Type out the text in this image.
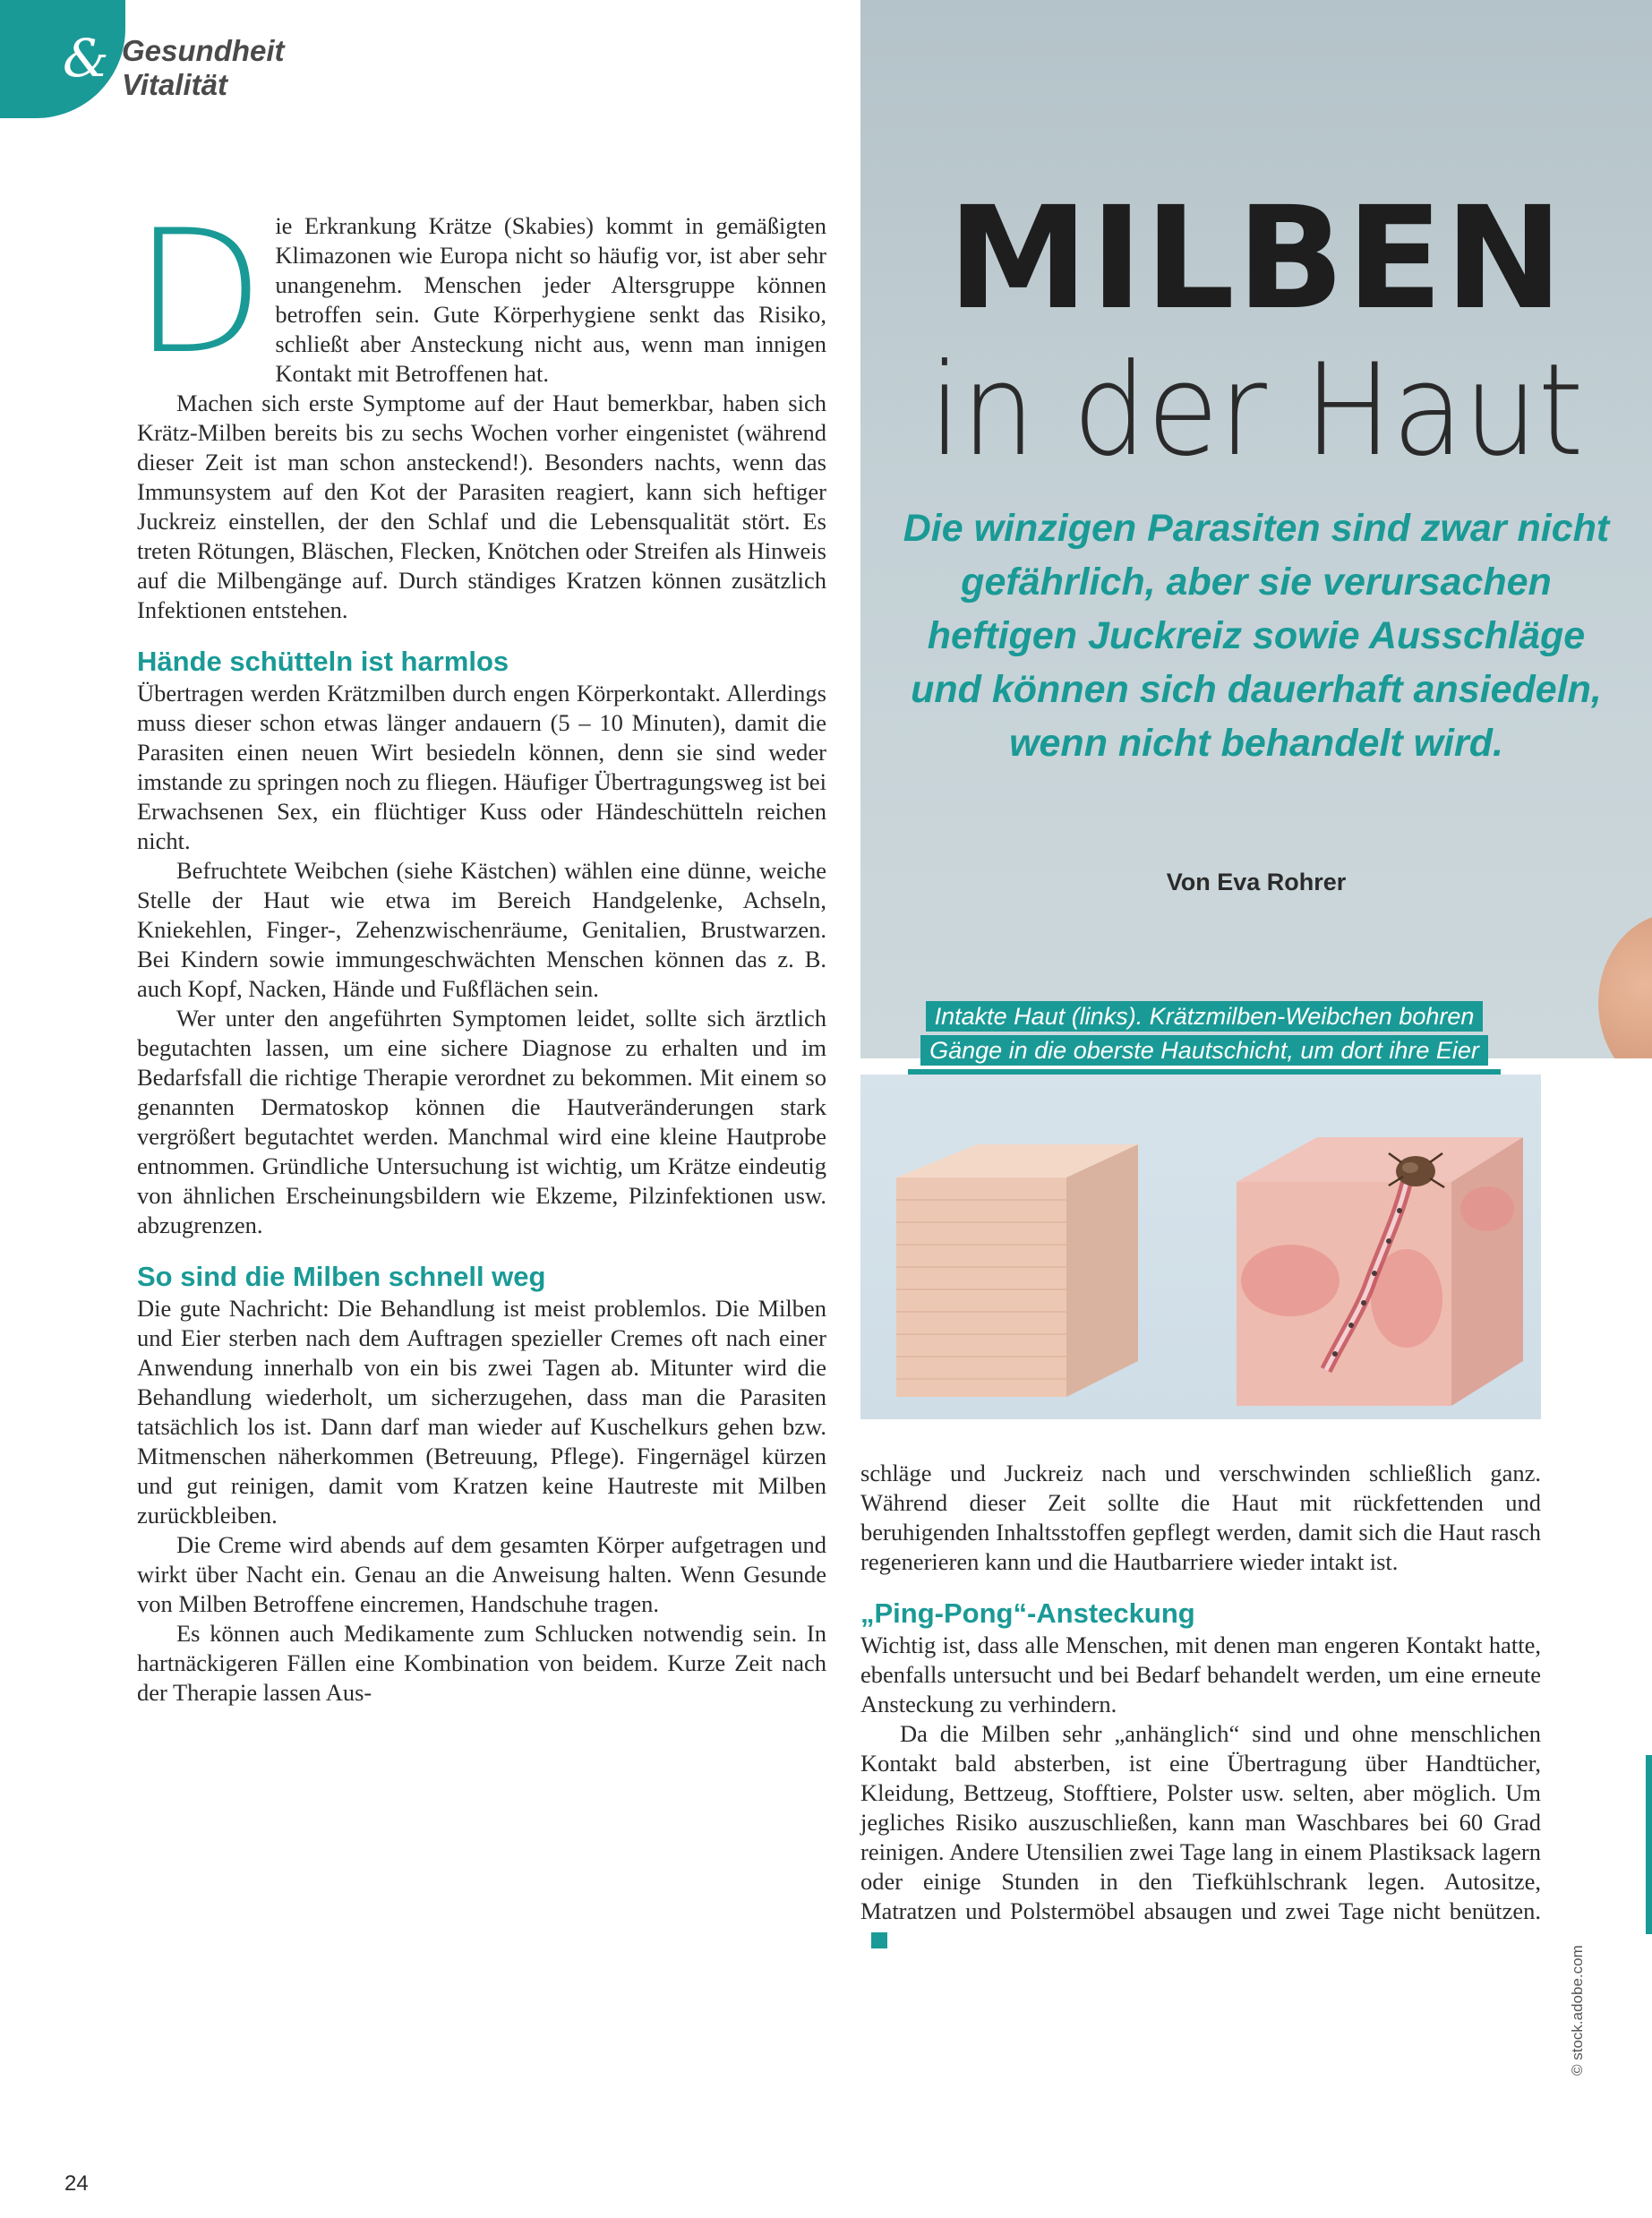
& Gesundheit
Vitalität
MILBEN
in der Haut
Die winzigen Parasiten sind zwar nicht gefährlich, aber sie verursachen heftigen Juckreiz sowie Ausschläge und können sich dauerhaft ansiedeln, wenn nicht behandelt wird.
Von Eva Rohrer
Intakte Haut (links). Krätzmilben-Weibchen bohren Gänge in die oberste Hautschicht, um dort ihre Eier
D ie Erkrankung Krätze (Skabies) kommt in gemäßigten Klimazonen wie Europa nicht so häufig vor, ist aber sehr unangenehm. Menschen jeder Altersgruppe können betroffen sein. Gute Körperhygiene senkt das Risiko, schließt aber Ansteckung nicht aus, wenn man innigen Kontakt mit Betroffenen hat.

Machen sich erste Symptome auf der Haut bemerkbar, haben sich Krätz-Milben bereits bis zu sechs Wochen vorher eingenistet (während dieser Zeit ist man schon ansteckend!). Besonders nachts, wenn das Immunsystem auf den Kot der Parasiten reagiert, kann sich heftiger Juckreiz einstellen, der den Schlaf und die Lebensqualität stört. Es treten Rötungen, Bläschen, Flecken, Knötchen oder Streifen als Hinweis auf die Milbengänge auf. Durch ständiges Kratzen können zusätzlich Infektionen entstehen.

Hände schütteln ist harmlos

Übertragen werden Krätzmilben durch engen Körperkontakt. Allerdings muss dieser schon etwas länger andauern (5 – 10 Minuten), damit die Parasiten einen neuen Wirt besiedeln können, denn sie sind weder imstande zu springen noch zu fliegen. Häufiger Übertragungsweg ist bei Erwachsenen Sex, ein flüchtiger Kuss oder Händeschütteln reichen nicht.

Befruchtete Weibchen (siehe Kästchen) wählen eine dünne, weiche Stelle der Haut wie etwa im Bereich Handgelenke, Achseln, Kniekehlen, Finger-, Zehenzwischenräume, Genitalien, Brustwarzen. Bei Kindern sowie immungeschwächten Menschen können das z. B. auch Kopf, Nacken, Hände und Fußflächen sein.

Wer unter den angeführten Symptomen leidet, sollte sich ärztlich begutachten lassen, um eine sichere Diagnose zu erhalten und im Bedarfsfall die richtige Therapie verordnet zu bekommen. Mit einem so genannten Dermatoskop können die Hautveränderungen stark vergrößert begutachtet werden. Manchmal wird eine kleine Hautprobe entnommen. Gründliche Untersuchung ist wichtig, um Krätze eindeutig von ähnlichen Erscheinungsbildern wie Ekzeme, Pilzinfektionen usw. abzugrenzen.

So sind die Milben schnell weg

Die gute Nachricht: Die Behandlung ist meist problemlos. Die Milben und Eier sterben nach dem Auftragen spezieller Cremes oft nach einer Anwendung innerhalb von ein bis zwei Tagen ab. Mitunter wird die Behandlung wiederholt, um sicherzugehen, dass man die Parasiten tatsächlich los ist. Dann darf man wieder auf Kuschelkurs gehen bzw. Mitmenschen näherkommen (Betreuung, Pflege). Fingernägel kürzen und gut reinigen, damit vom Kratzen keine Hautreste mit Milben zurückbleiben.

Die Creme wird abends auf dem gesamten Körper aufgetragen und wirkt über Nacht ein. Genau an die Anweisung halten. Wenn Gesunde von Milben Betroffene eincremen, Handschuhe tragen.

Es können auch Medikamente zum Schlucken notwendig sein. In hartnäckigeren Fällen eine Kombination von beidem. Kurze Zeit nach der Therapie lassen Aus-

schläge und Juckreiz nach und verschwinden schließlich ganz. Während dieser Zeit sollte die Haut mit rückfettenden und beruhigenden Inhaltsstoffen gepflegt werden, damit sich die Haut rasch regenerieren kann und die Hautbarriere wieder intakt ist.

„Ping-Pong“-Ansteckung

Wichtig ist, dass alle Menschen, mit denen man engeren Kontakt hatte, ebenfalls untersucht und bei Bedarf behandelt werden, um eine erneute Ansteckung zu verhindern.

Da die Milben sehr „anhänglich“ sind und ohne menschlichen Kontakt bald absterben, ist eine Übertragung über Handtücher, Kleidung, Bettzeug, Stofftiere, Polster usw. selten, aber möglich. Um jegliches Risiko auszuschließen, kann man Waschbares bei 60 Grad reinigen. Andere Utensilien zwei Tage lang in einem Plastiksack lagern oder einige Stunden in den Tiefkühlschrank legen. Autositze, Matratzen und Polstermöbel absaugen und zwei Tage nicht benützen.

© stock.adobe.com
24
